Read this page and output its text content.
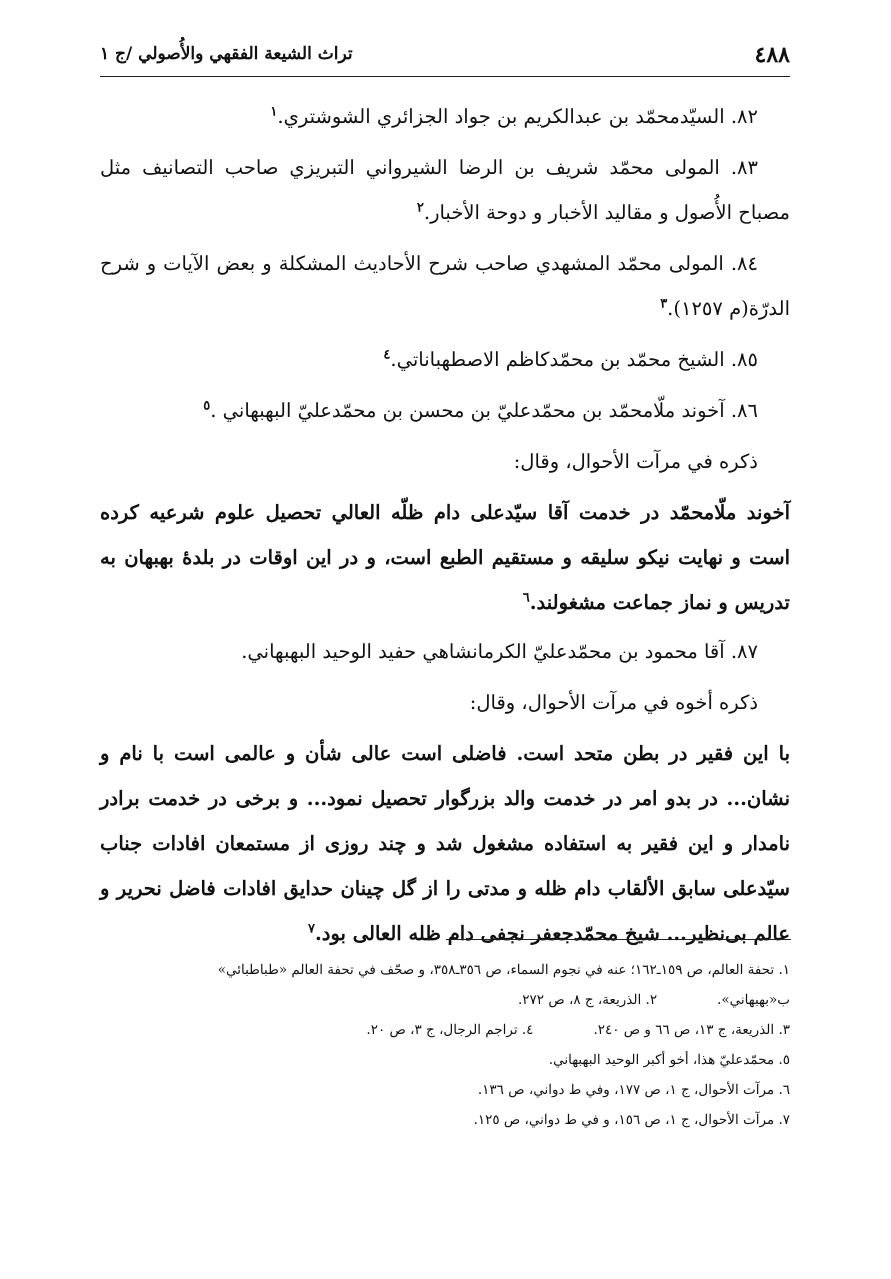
٤٨٨
تراث الشيعة الفقهي والأُصولي /ج ١

٨٢. السيّدمحمّد بن عبدالكريم بن جواد الجزائري الشوشتري.$^١$

٨٣. المولى محمّد شريف بن الرضا الشيرواني التبريزي صاحب التصانيف مثل مصباح الأُصول و مقاليد الأخبار و دوحة الأخبار.$^٢$

٨٤. المولى محمّد المشهدي صاحب شرح الأحاديث المشكلة و بعض الآيات و شرح الدرّة(م ١٢٥٧).$^٣$

٨٥. الشيخ محمّد بن محمّدكاظم الاصطهباناتي.$^٤$

٨٦. آخوند ملّامحمّد بن محمّدعليّ بن محسن بن محمّدعليّ البهبهاني .$^٥$

ذكره في مرآت الأحوال، وقال:

آخوند ملّامحمّد در خدمت آقا سيّدعلى دام ظلّه العالي تحصيل علوم شرعيه كرده است و نهايت نيكو سليقه و مستقيم الطبع است، و در اين اوقات در بلدهٔ بهبهان به تدريس و نماز جماعت مشغولند.$^٦$

٨٧. آقا محمود بن محمّدعليّ الكرمانشاهي حفيد الوحيد البهبهاني.

ذكره أخوه في مرآت الأحوال، وقال:

با اين فقير در بطن متحد است. فاضلى است عالى شأن و عالمى است با نام و نشان... در بدو امر در خدمت والد بزرگوار تحصيل نمود... و برخى در خدمت برادر نامدار و اين فقير به استفاده مشغول شد و چند روزى از مستمعان افادات جناب سيّدعلى سابق الألقاب دام ظله و مدتى را از گل چينان حدايق افادات فاضل نحرير و عالم بى‌نظير... شيخ محمّدجعفر نجفى دام ظله العالى بود.$^٧$

١. تحفة العالم، ص ١٥٩ـ١٦٢؛ عنه في نجوم السماء، ص ٣٥٦ـ٣٥٨، و صحّف في تحفة العالم «طباطبائي»

ب«بهبهاني».

٢. الذريعة، ج ٨، ص ٢٧٢.

٣. الذريعة، ج ١٣، ص ٦٦ و ص ٢٤٠.

٤. تراجم الرجال، ج ٣، ص ٢٠.

٥. محمّدعليّ هذا، أخو أكبر الوحيد البهبهاني.

٦. مرآت الأحوال، ج ١، ص ١٧٧، وفي ط دواني، ص ١٣٦.

٧. مرآت الأحوال، ج ١، ص ١٥٦، و في ط دواني، ص ١٢٥.
